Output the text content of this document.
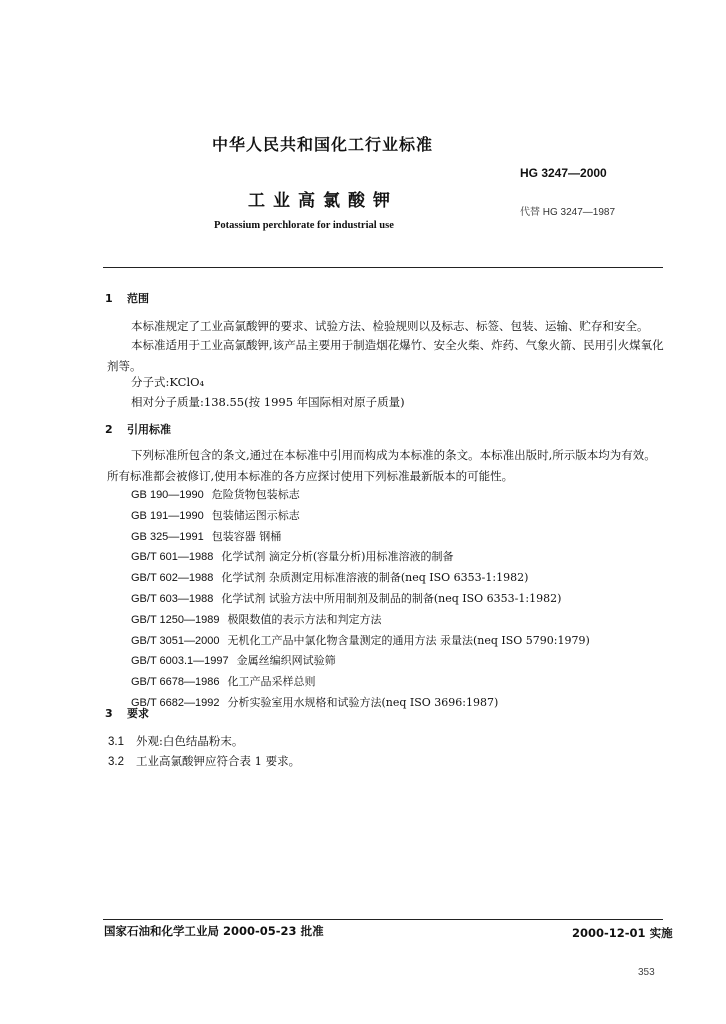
中华人民共和国化工行业标准
HG 3247—2000
工业高氯酸钾
代替 HG 3247—1987
Potassium perchlorate for industrial use
1 范围
本标准规定了工业高氯酸钾的要求、试验方法、检验规则以及标志、标签、包装、运输、贮存和安全。
本标准适用于工业高氯酸钾,该产品主要用于制造烟花爆竹、安全火柴、炸药、气象火箭、民用引火煤氧化剂等。
分子式:KClO₄
相对分子质量:138.55(按 1995 年国际相对原子质量)
2 引用标准
下列标准所包含的条文,通过在本标准中引用而构成为本标准的条文。本标准出版时,所示版本均为有效。所有标准都会被修订,使用本标准的各方应探讨使用下列标准最新版本的可能性。
GB 190—1990 危险货物包装标志
GB 191—1990 包装储运图示标志
GB 325—1991 包装容器 钢桶
GB/T 601—1988 化学试剂 滴定分析(容量分析)用标准溶液的制备
GB/T 602—1988 化学试剂 杂质测定用标准溶液的制备(neq ISO 6353-1:1982)
GB/T 603—1988 化学试剂 试验方法中所用制剂及制品的制备(neq ISO 6353-1:1982)
GB/T 1250—1989 极限数值的表示方法和判定方法
GB/T 3051—2000 无机化工产品中氯化物含量测定的通用方法 汞量法(neq ISO 5790:1979)
GB/T 6003.1—1997 金属丝编织网试验筛
GB/T 6678—1986 化工产品采样总则
GB/T 6682—1992 分析实验室用水规格和试验方法(neq ISO 3696:1987)
3 要求
3.1 外观:白色结晶粉末。
3.2 工业高氯酸钾应符合表 1 要求。
国家石油和化学工业局 2000-05-23 批准	2000-12-01 实施
353
